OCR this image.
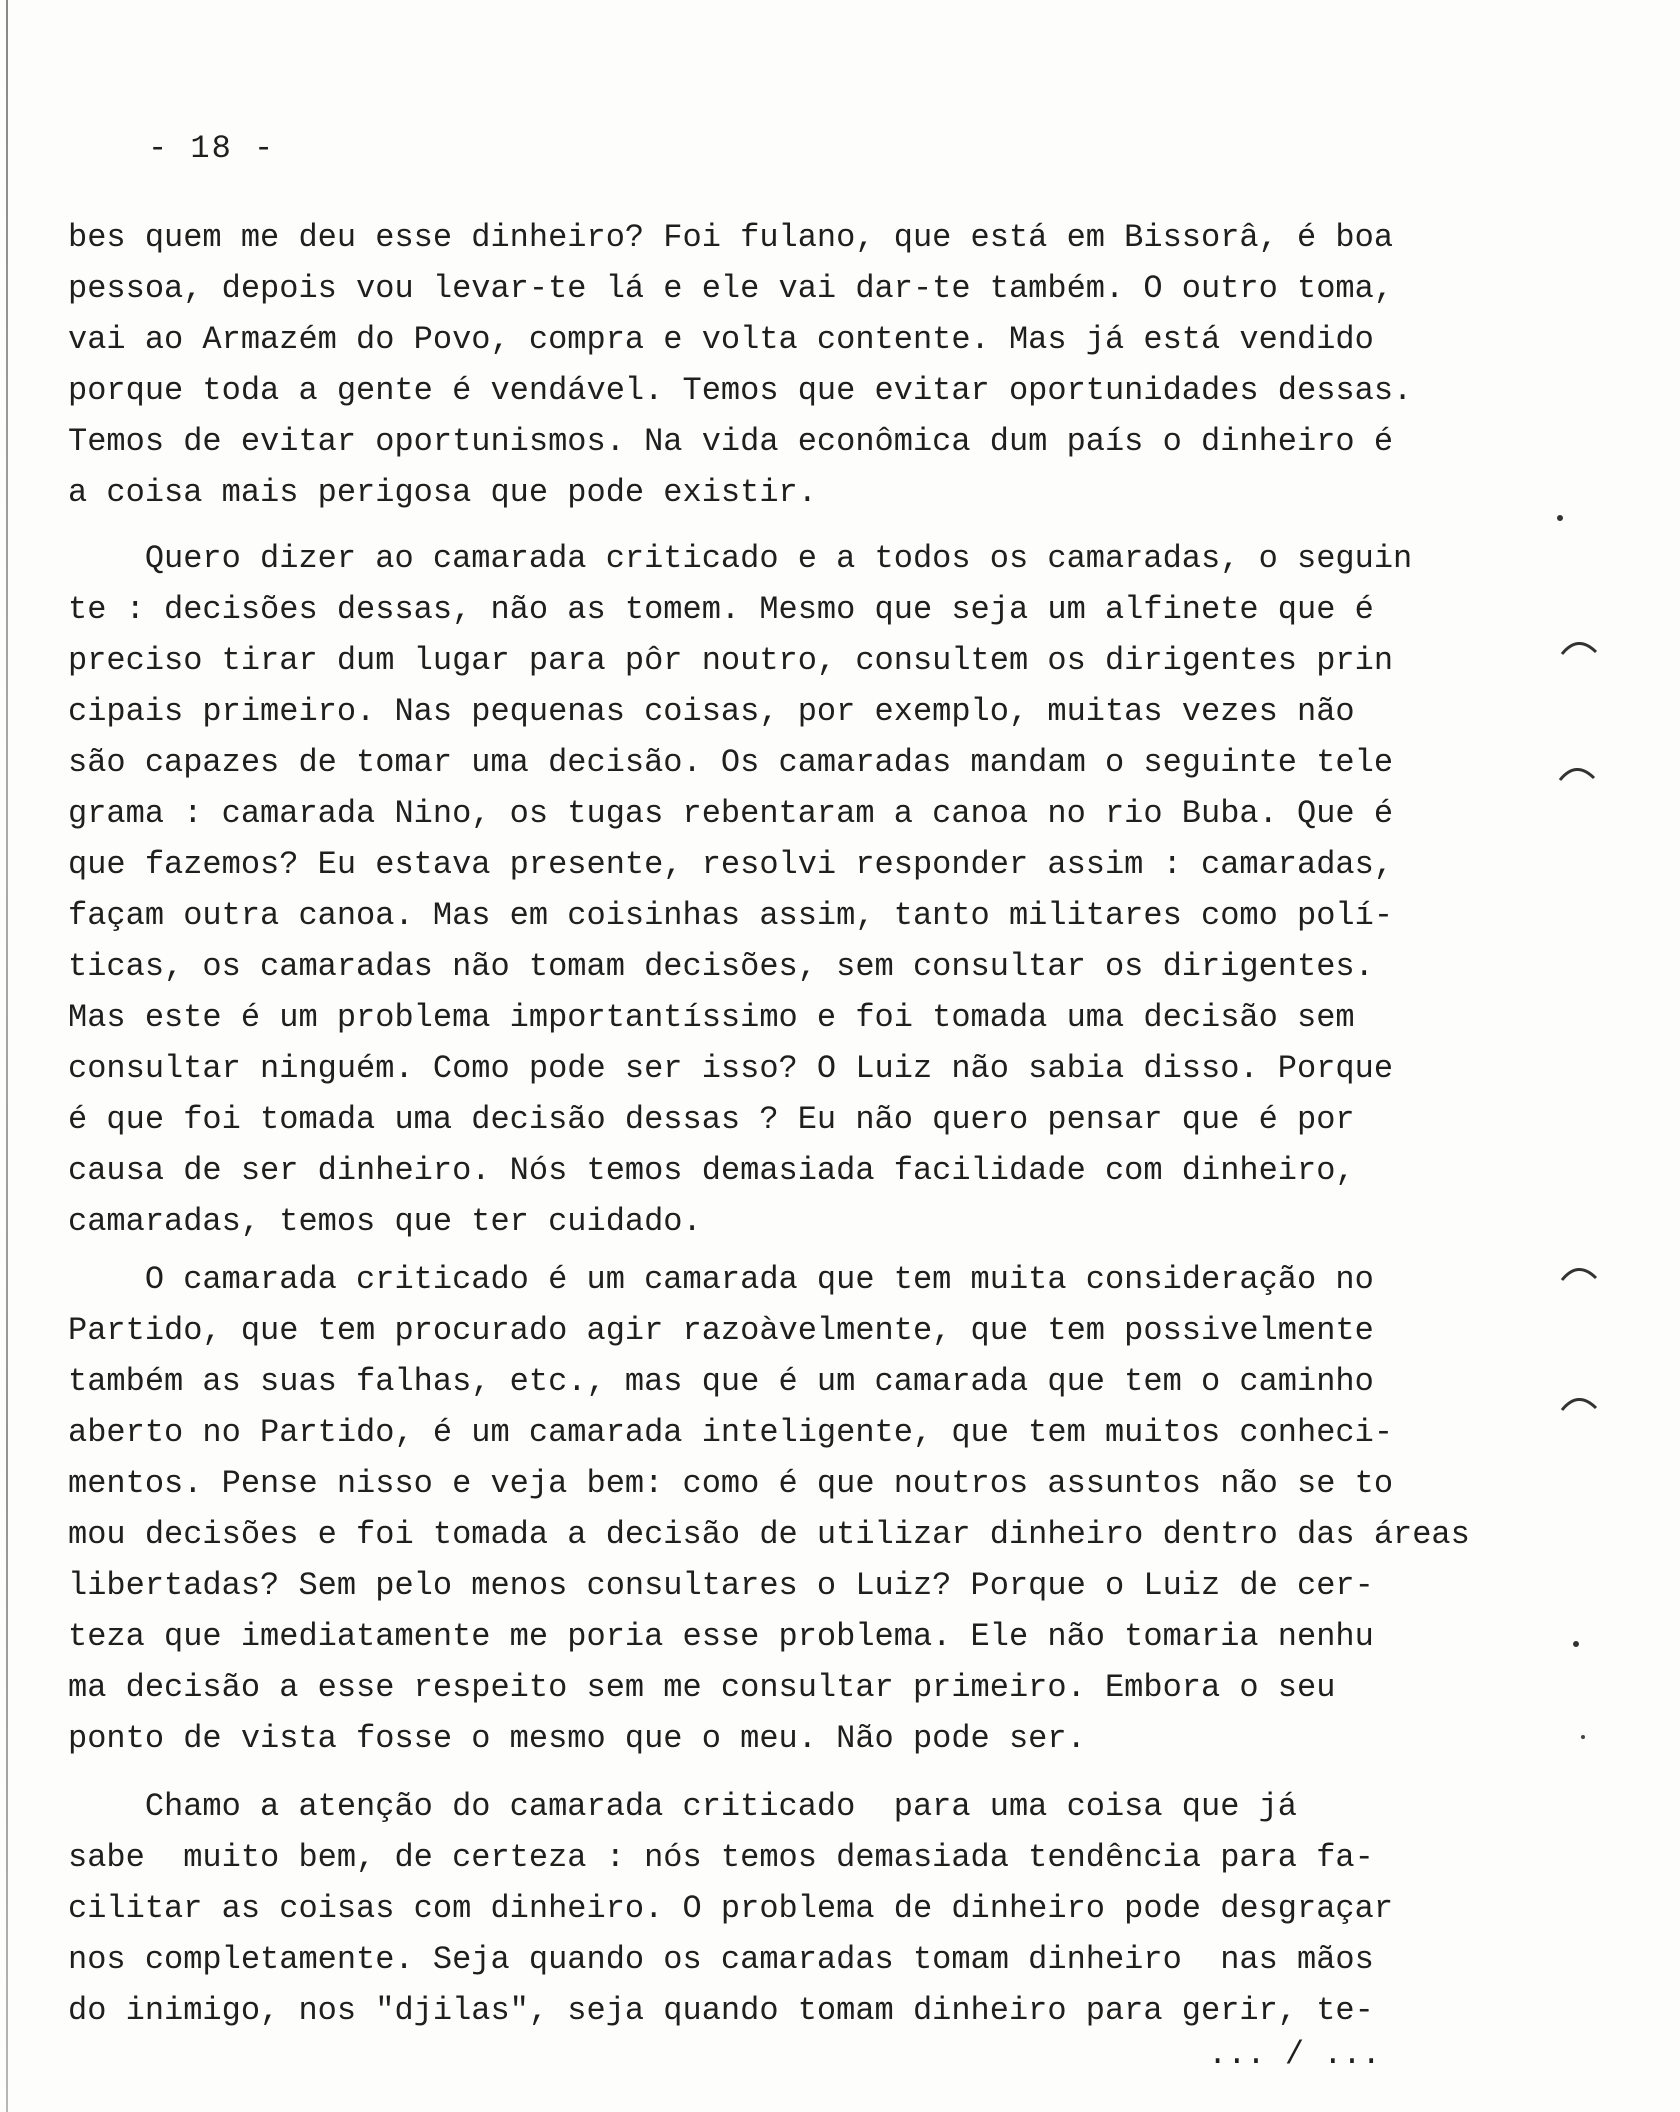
- 18 -
bes quem me deu esse dinheiro? Foi fulano, que está em Bissorâ, é boa
pessoa, depois vou levar-te lá e ele vai dar-te também. O outro toma,
vai ao Armazém do Povo, compra e volta contente. Mas já está vendido
porque toda a gente é vendável. Temos que evitar oportunidades dessas.
Temos de evitar oportunismos. Na vida econômica dum país o dinheiro é
a coisa mais perigosa que pode existir.
Quero dizer ao camarada criticado e a todos os camaradas, o seguin
te : decisões dessas, não as tomem. Mesmo que seja um alfinete que é
preciso tirar dum lugar para pôr noutro, consultem os dirigentes prin
cipais primeiro. Nas pequenas coisas, por exemplo, muitas vezes não
são capazes de tomar uma decisão. Os camaradas mandam o seguinte tele
grama : camarada Nino, os tugas rebentaram a canoa no rio Buba. Que é
que fazemos? Eu estava presente, resolvi responder assim : camaradas,
façam outra canoa. Mas em coisinhas assim, tanto militares como polí-
ticas, os camaradas não tomam decisões, sem consultar os dirigentes.
Mas este é um problema importantíssimo e foi tomada uma decisão sem
consultar ninguém. Como pode ser isso? O Luiz não sabia disso. Porque
é que foi tomada uma decisão dessas ? Eu não quero pensar que é por
causa de ser dinheiro. Nós temos demasiada facilidade com dinheiro,
camaradas, temos que ter cuidado.
O camarada criticado é um camarada que tem muita consideração no
Partido, que tem procurado agir razoàvelmente, que tem possivelmente
também as suas falhas, etc., mas que é um camarada que tem o caminho
aberto no Partido, é um camarada inteligente, que tem muitos conheci-
mentos. Pense nisso e veja bem: como é que noutros assuntos não se to
mou decisões e foi tomada a decisão de utilizar dinheiro dentro das áreas
libertadas? Sem pelo menos consultares o Luiz? Porque o Luiz de cer-
teza que imediatamente me poria esse problema. Ele não tomaria nenhu
ma decisão a esse respeito sem me consultar primeiro. Embora o seu
ponto de vista fosse o mesmo que o meu. Não pode ser.
Chamo a atenção do camarada criticado  para uma coisa que já
sabe  muito bem, de certeza : nós temos demasiada tendência para fa-
cilitar as coisas com dinheiro. O problema de dinheiro pode desgraçar
nos completamente. Seja quando os camaradas tomam dinheiro  nas mãos
do inimigo, nos "djilas", seja quando tomam dinheiro para gerir, te-
... / ...
